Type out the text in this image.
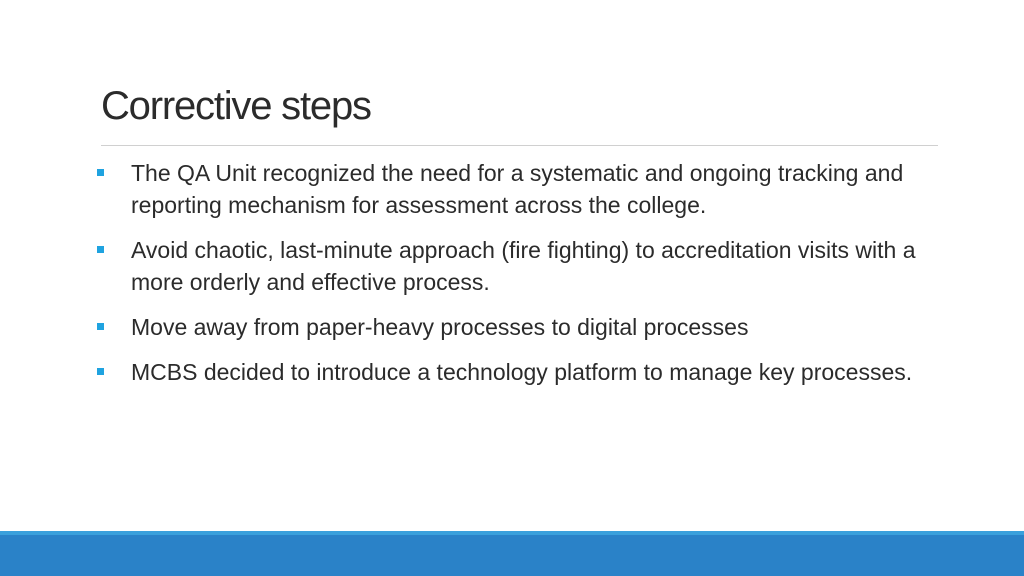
Corrective steps
The QA Unit recognized the need for a systematic and ongoing tracking and reporting mechanism for assessment across the college.
Avoid chaotic, last-minute approach (fire fighting) to accreditation visits with a more orderly and effective process.
Move away from paper-heavy processes to digital processes
MCBS decided to introduce a technology platform to manage key processes.
